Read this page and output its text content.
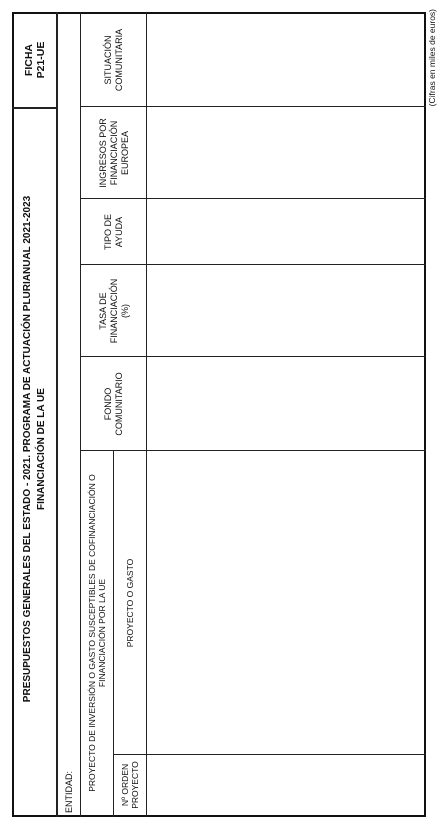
PRESUPUESTOS GENERALES DEL ESTADO - 2021. PROGRAMA DE ACTUACIÓN PLURIANUAL 2021-2023 FINANCIACIÓN DE LA UE
FICHA
P21-UE
ENTIDAD:
PROYECTO DE INVERSIÓN O GASTO SUSCEPTIBLES DE COFINANCIACIÓN O
FINANCIACIÓN POR LA UE
Nº ORDEN
PROYECTO
PROYECTO O GASTO
FONDO
COMUNITARIO
TASA DE
FINANCIACIÓN
(%)
TIPO DE
AYUDA
INGRESOS POR
FINANCIACIÓN
EUROPEA
SITUACIÓN
COMUNITARIA	(Cifras en miles de euros)
